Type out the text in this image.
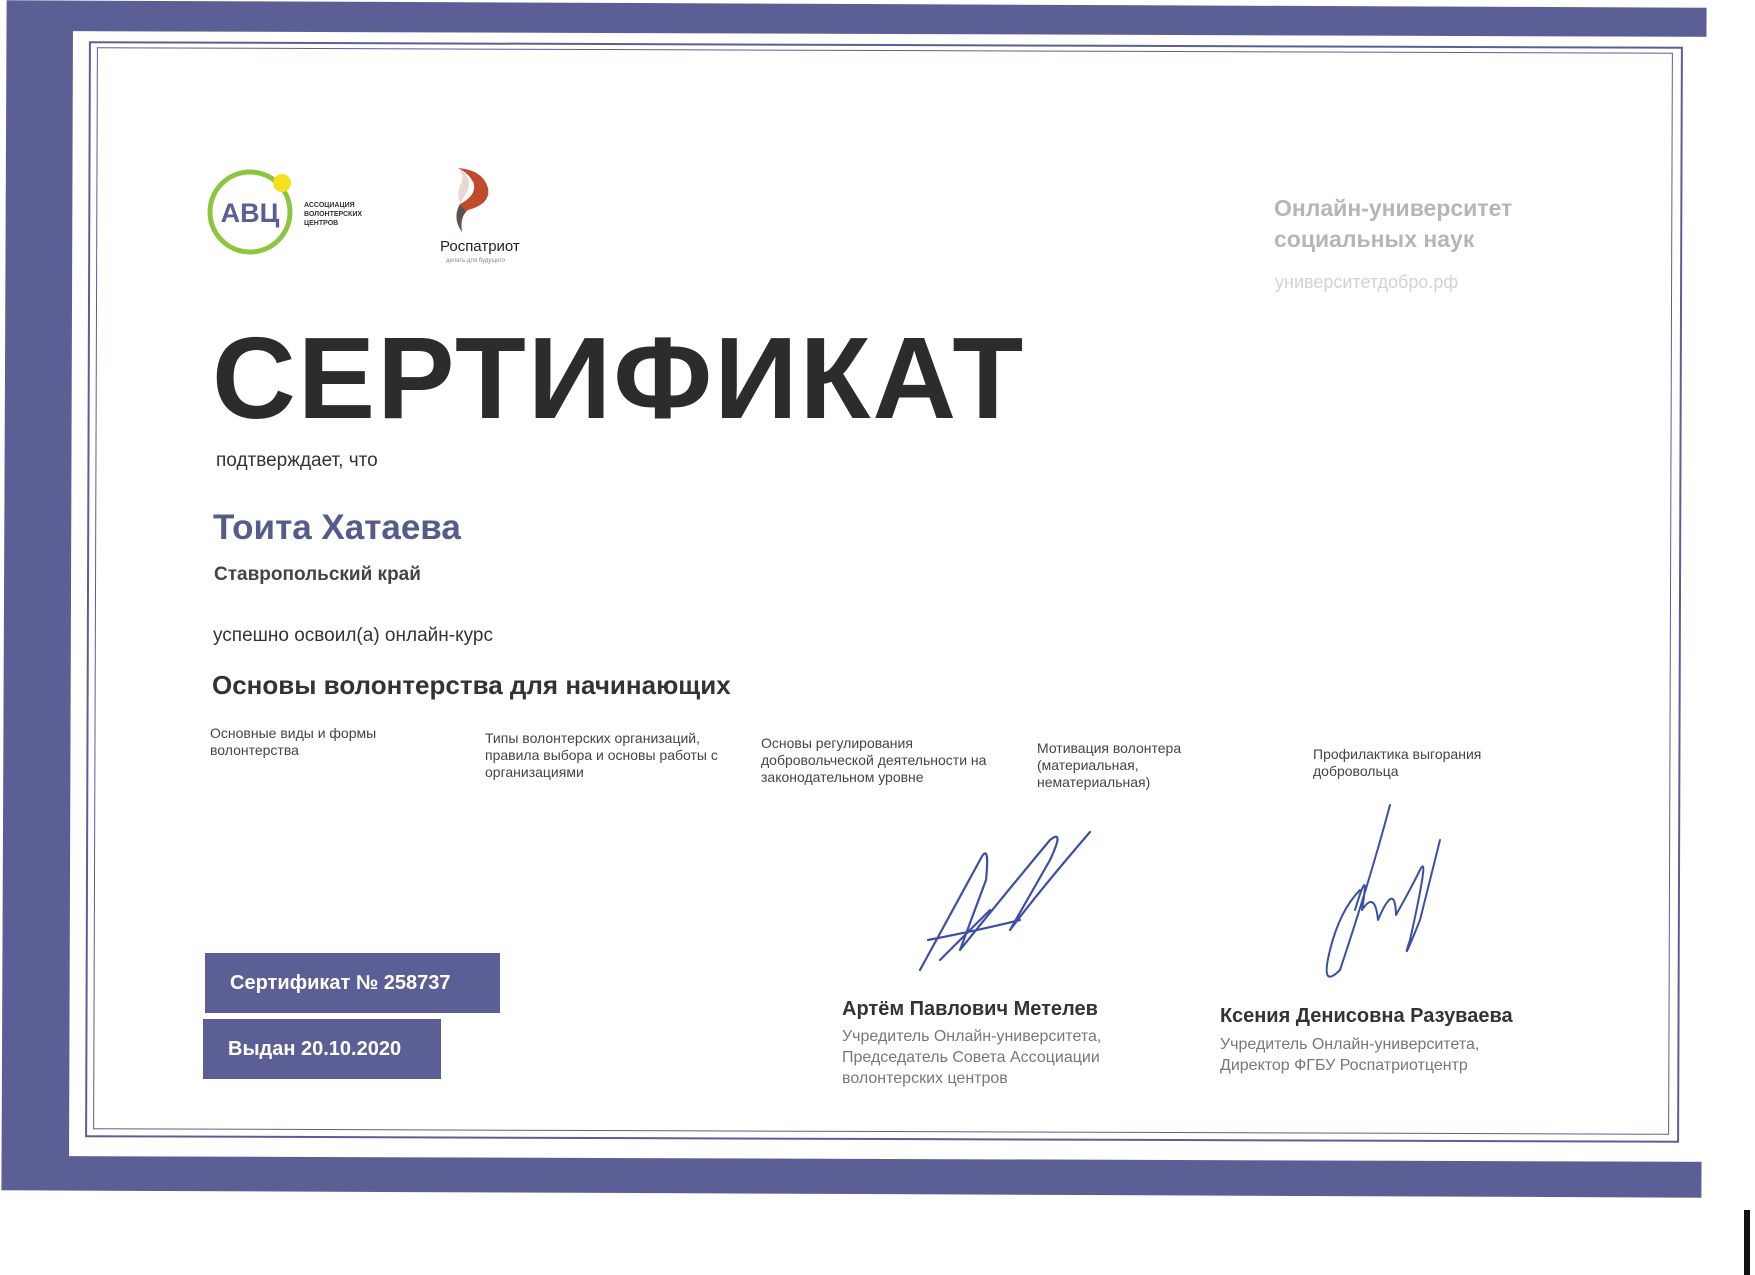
АВЦ	АССОЦИАЦИЯ
ВОЛОНТЕРСКИХ
ЦЕНТРОВ
Роспатриот
делать для будущего
Онлайн-университет
социальных наук
университетдобро.рф
СЕРТИФИКАТ
подтверждает, что
Тоита Хатаева
Ставропольский край
успешно освоил(а) онлайн-курс
Основы волонтерства для начинающих
Основные виды и формы волонтерства
Типы волонтерских организаций, правила выбора и основы работы с организациями
Основы регулирования добровольческой деятельности на законодательном уровне
Мотивация волонтера (материальная, нематериальная)
Профилактика выгорания добровольца
Сертификат № 258737
Выдан 20.10.2020
Артём Павлович Метелев
Учредитель Онлайн-университета, Председатель Совета Ассоциации волонтерских центров
Ксения Денисовна Разуваева
Учредитель Онлайн-университета, Директор ФГБУ Роспатриотцентр
